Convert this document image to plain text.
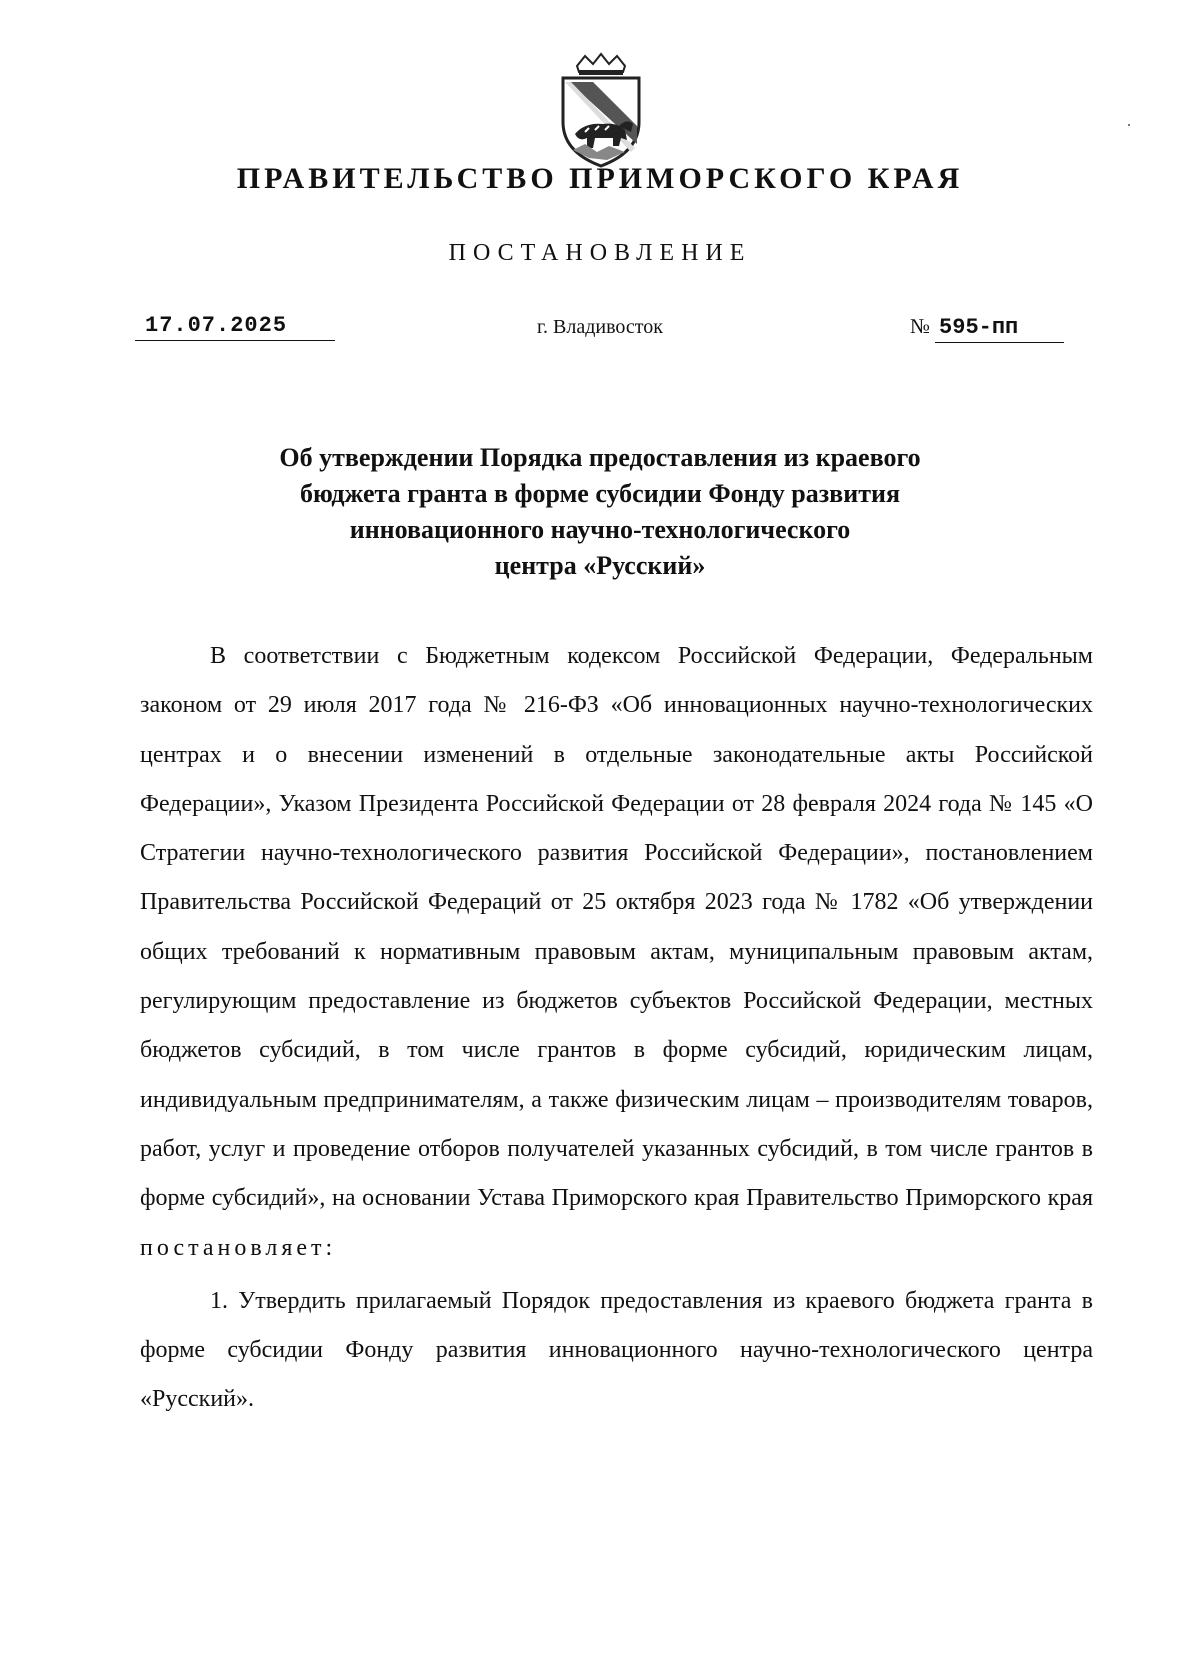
ПРАВИТЕЛЬСТВО ПРИМОРСКОГО КРАЯ
ПОСТАНОВЛЕНИЕ
17.07.2025	г. Владивосток	№ 595-пп
Об утверждении Порядка предоставления из краевого
бюджета гранта в форме субсидии Фонду развития
инновационного научно-технологического
центра «Русский»

В соответствии с Бюджетным кодексом Российской Федерации, Федеральным законом от 29 июля 2017 года № 216-ФЗ «Об инновационных научно-технологических центрах и о внесении изменений в отдельные законодательные акты Российской Федерации», Указом Президента Российской Федерации от 28 февраля 2024 года № 145 «О Стратегии научно-технологического развития Российской Федерации», постановлением Правительства Российской Федераций от 25 октября 2023 года № 1782 «Об утверждении общих требований к нормативным правовым актам, муниципальным правовым актам, регулирующим предоставление из бюджетов субъектов Российской Федерации, местных бюджетов субсидий, в том числе грантов в форме субсидий, юридическим лицам, индивидуальным предпринимателям, а также физическим лицам – производителям товаров, работ, услуг и проведение отборов получателей указанных субсидий, в том числе грантов в форме субсидий», на основании Устава Приморского края Правительство Приморского края постановляет:

1. Утвердить прилагаемый Порядок предоставления из краевого бюджета гранта в форме субсидии Фонду развития инновационного научно-технологического центра «Русский».
